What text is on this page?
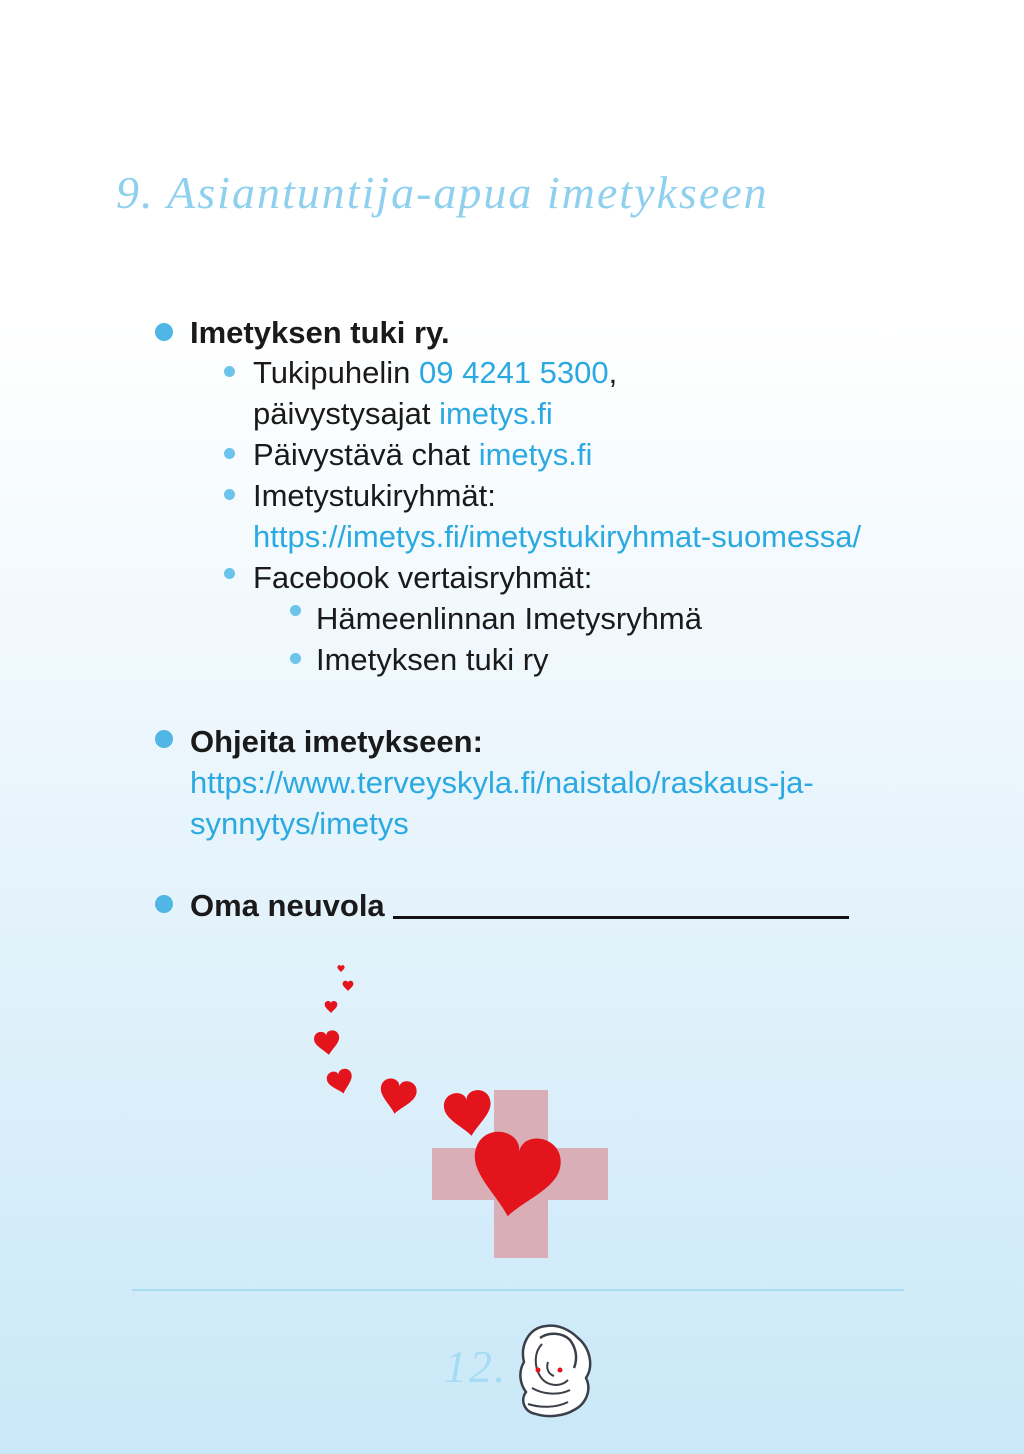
9. Asiantuntija-apua imetykseen
Imetyksen tuki ry.
Tukipuhelin 09 4241 5300,
päivystysajat imetys.fi
Päivystävä chat imetys.fi
Imetystukiryhmät:
https://imetys.fi/imetystukiryhmat-suomessa/
Facebook vertaisryhmät:
Hämeenlinnan Imetysryhmä
Imetyksen tuki ry
Ohjeita imetykseen:
https://www.terveyskyla.fi/naistalo/raskaus-ja-
synnytys/imetys
Oma neuvola
12.
